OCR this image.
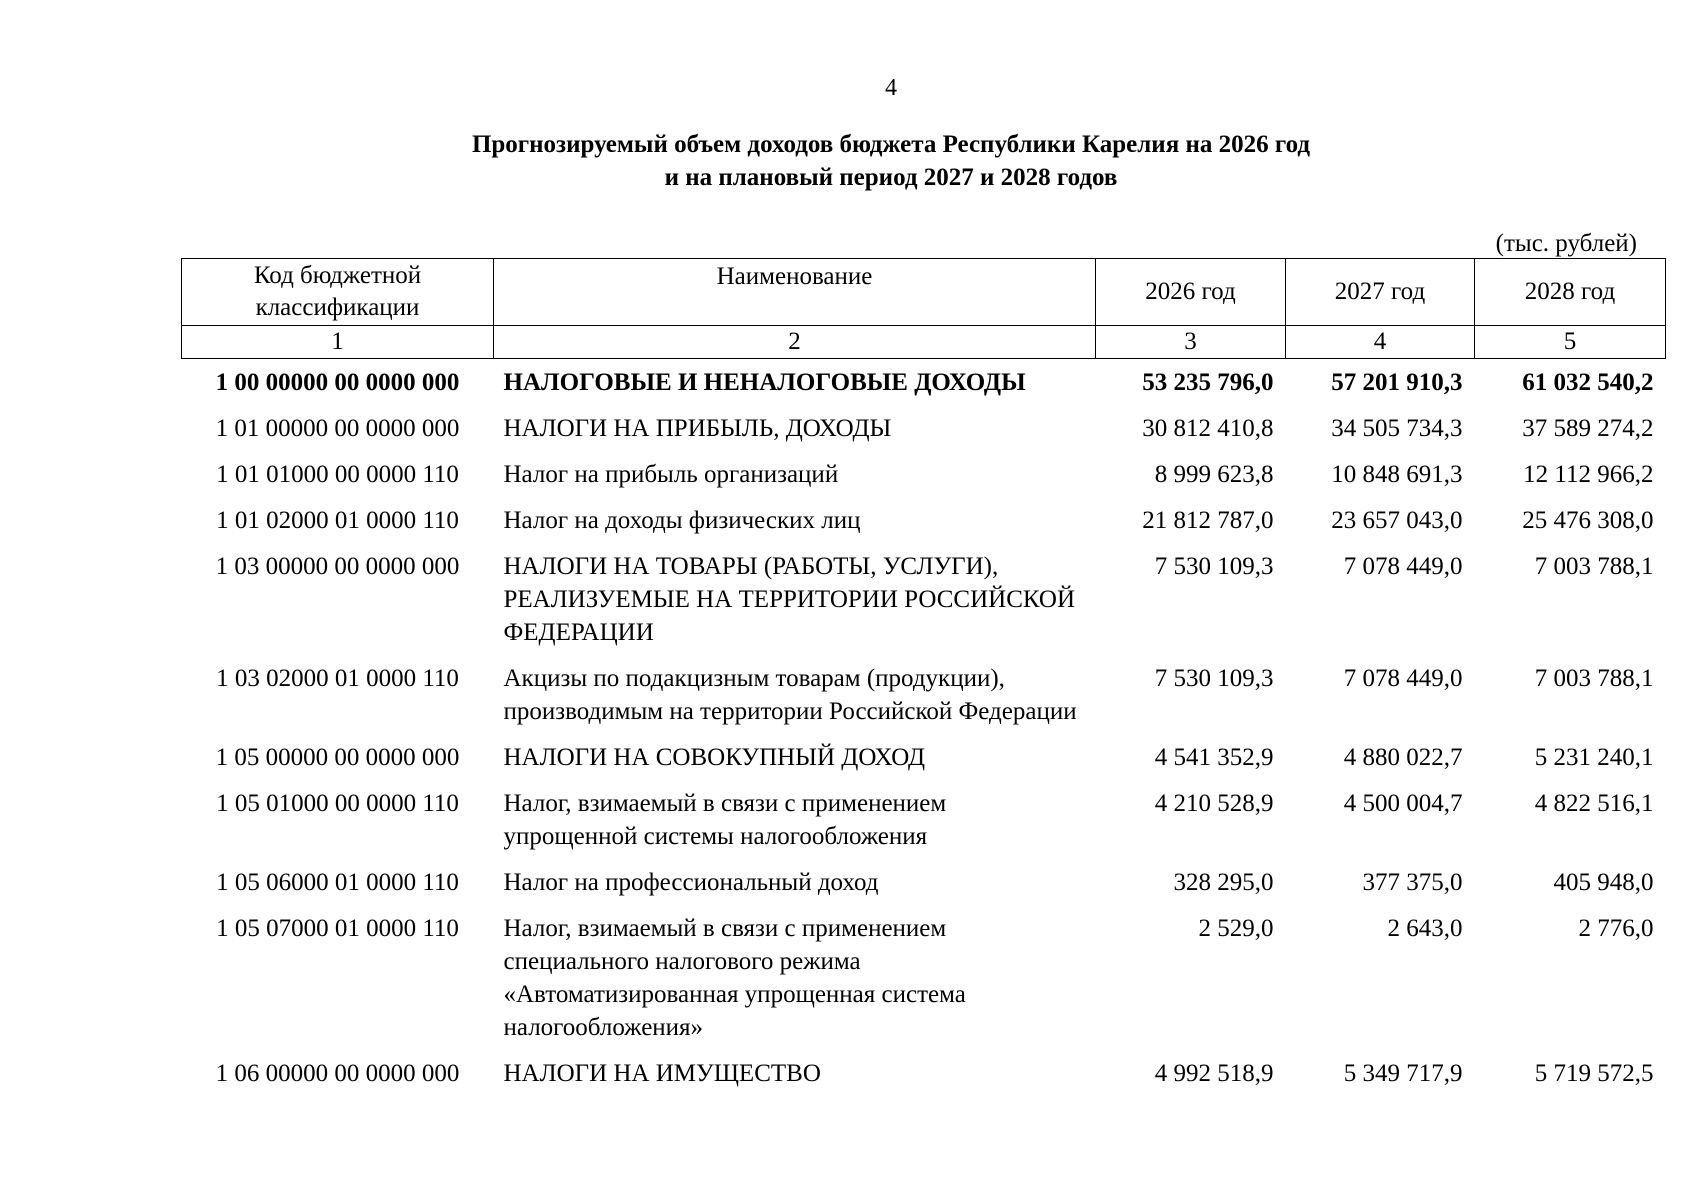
4
Прогнозируемый объем доходов бюджета Республики Карелия на 2026 год
и на плановый период 2027 и 2028 годов
(тыс. рублей)
Код бюджетной классификации	Наименование	2026 год	2027 год	2028 год
1	2	3	4	5
1 00 00000 00 0000 000	НАЛОГОВЫЕ И НЕНАЛОГОВЫЕ ДОХОДЫ	53 235 796,0	57 201 910,3	61 032 540,2
1 01 00000 00 0000 000	НАЛОГИ НА ПРИБЫЛЬ, ДОХОДЫ	30 812 410,8	34 505 734,3	37 589 274,2
1 01 01000 00 0000 110	Налог на прибыль организаций	8 999 623,8	10 848 691,3	12 112 966,2
1 01 02000 01 0000 110	Налог на доходы физических лиц	21 812 787,0	23 657 043,0	25 476 308,0
1 03 00000 00 0000 000	НАЛОГИ НА ТОВАРЫ (РАБОТЫ, УСЛУГИ), РЕАЛИЗУЕМЫЕ НА ТЕРРИТОРИИ РОССИЙСКОЙ ФЕДЕРАЦИИ	7 530 109,3	7 078 449,0	7 003 788,1
1 03 02000 01 0000 110	Акцизы по подакцизным товарам (продукции), производимым на территории Российской Федерации	7 530 109,3	7 078 449,0	7 003 788,1
1 05 00000 00 0000 000	НАЛОГИ НА СОВОКУПНЫЙ ДОХОД	4 541 352,9	4 880 022,7	5 231 240,1
1 05 01000 00 0000 110	Налог, взимаемый в связи с применением упрощенной системы налогообложения	4 210 528,9	4 500 004,7	4 822 516,1
1 05 06000 01 0000 110	Налог на профессиональный доход	328 295,0	377 375,0	405 948,0
1 05 07000 01 0000 110	Налог, взимаемый в связи с применением специального налогового режима «Автоматизированная упрощенная система налогообложения»	2 529,0	2 643,0	2 776,0
1 06 00000 00 0000 000	НАЛОГИ НА ИМУЩЕСТВО	4 992 518,9	5 349 717,9	5 719 572,5
